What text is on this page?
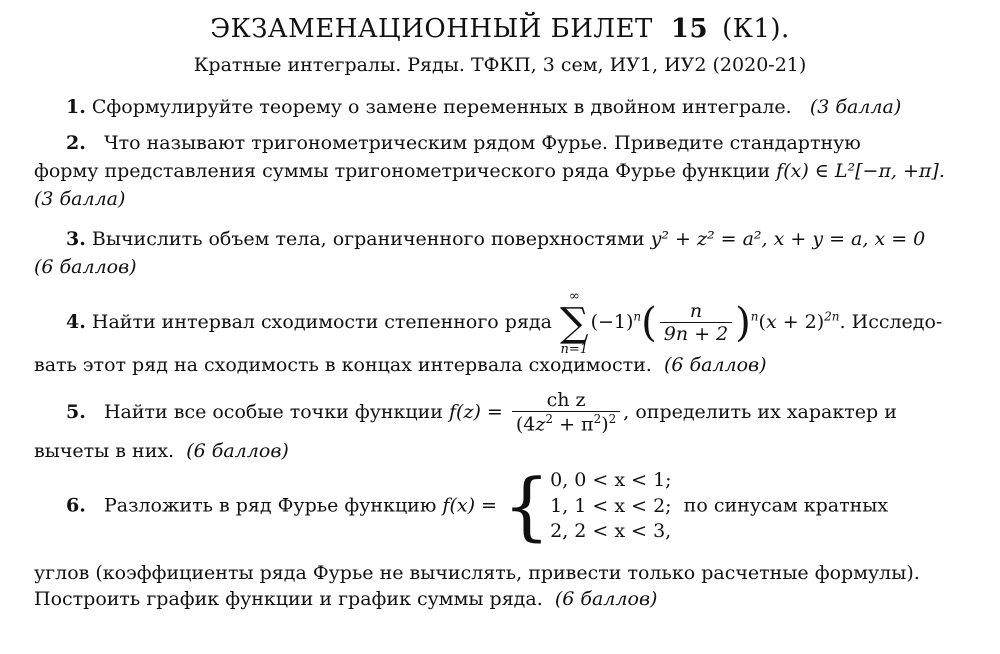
ЭКЗАМЕНАЦИОННЫЙ БИЛЕТ 15 (К1).
Кратные интегралы. Ряды. ТФКП, 3 сем, ИУ1, ИУ2 (2020-21)
1. Сформулируйте теорему о замене переменных в двойном интеграле. (3 балла)
2. Что называют тригонометрическим рядом Фурье. Приведите стандартную
форму представления суммы тригонометрического ряда Фурье функции f(x) ∈ L²[−π, +π].
(3 балла)
3. Вычислить объем тела, ограниченного поверхностями y² + z² = a², x + y = a, x = 0
(6 баллов)
4. Найти интервал сходимости степенного ряда
∞
∑
n=1
$(-1)^n( \frac{n}{9n + 2} )^n(x + 2)^{2n}$. Исследо-
вать этот ряд на сходимость в концах интервала сходимости. (6 баллов)
5. Найти все особые точки функции $f(z) = \frac{\text{ch z}}{(4z^2 + \pi^2)^2}$ , определить их характер и
вычеты в них. (6 баллов)
6. Разложить в ряд Фурье функцию f(x) = { 0, 0 < x < 1;
1, 1 < x < 2;
2, 2 < x < 3,
по синусам кратных
углов (коэффициенты ряда Фурье не вычислять, привести только расчетные формулы).
Построить график функции и график суммы ряда. (6 баллов)
